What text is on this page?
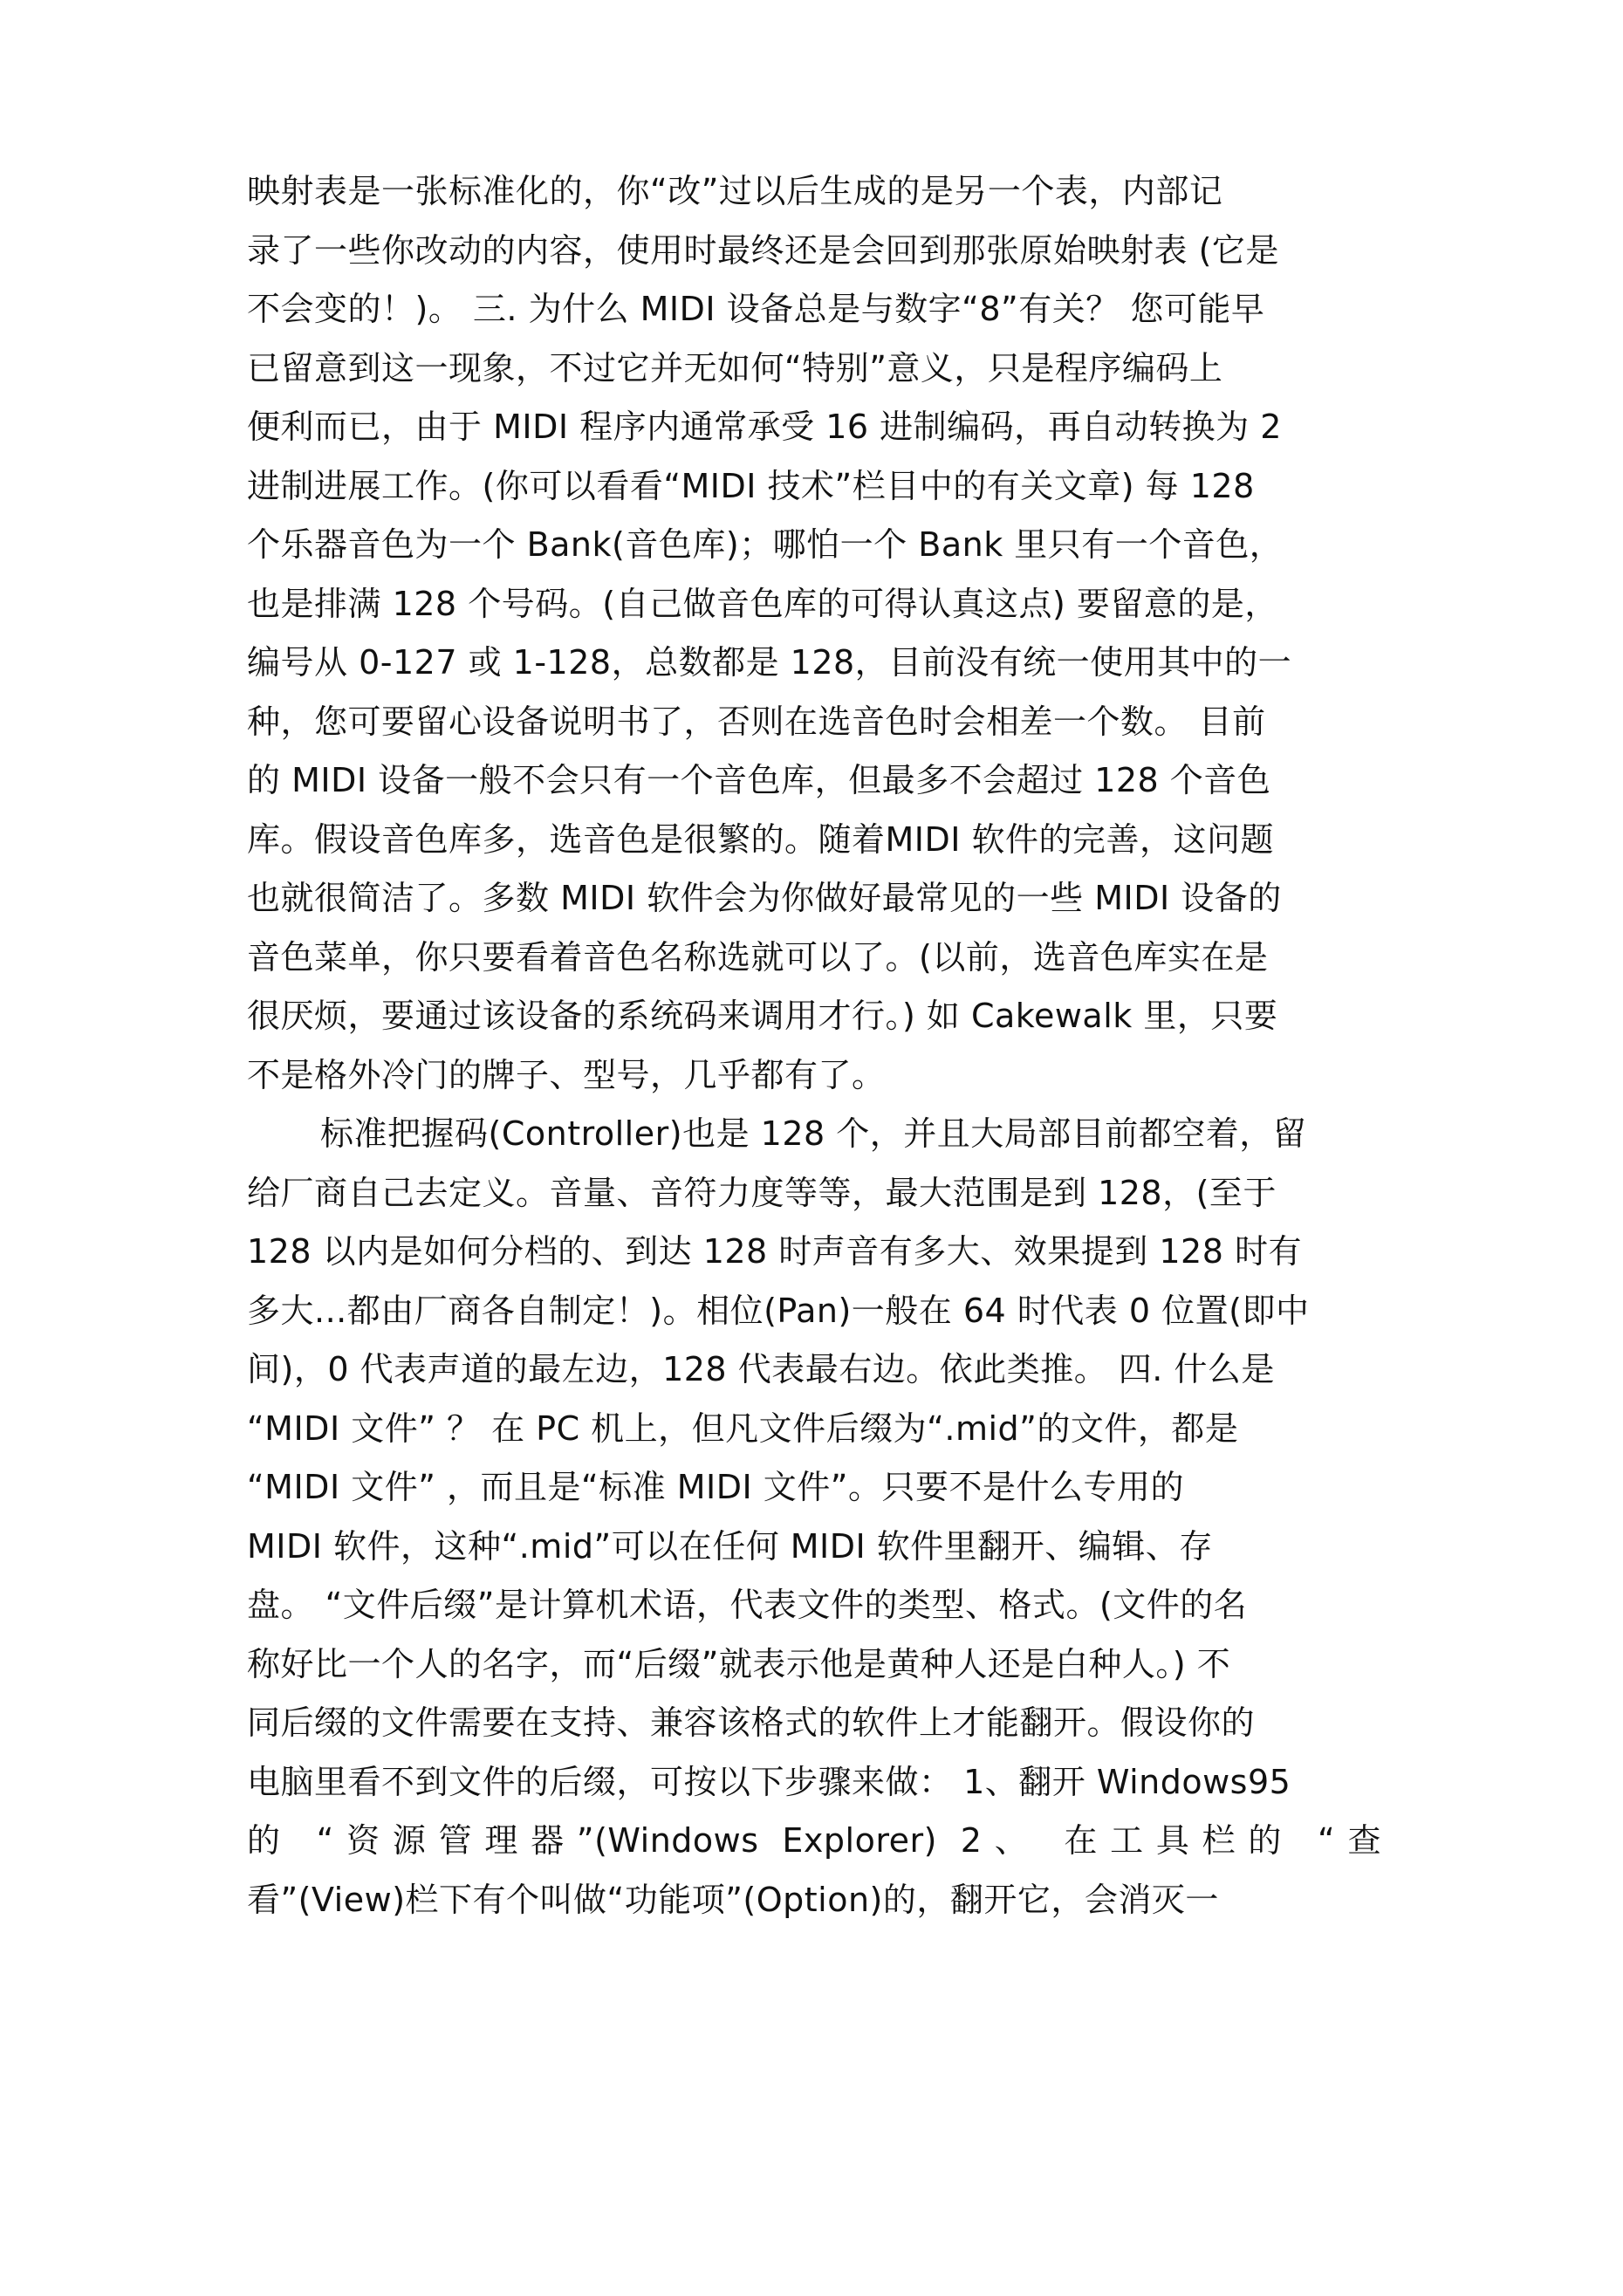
映射表是一张标准化的，你“改”过以后生成的是另一个表，内部记
录了一些你改动的内容，使用时最终还是会回到那张原始映射表 (它是
不会变的！)。 三. 为什么 MIDI 设备总是与数字“8”有关？ 您可能早
已留意到这一现象，不过它并无如何“特别”意义，只是程序编码上
便利而已，由于 MIDI 程序内通常承受 16 进制编码，再自动转换为 2
进制进展工作。(你可以看看“MIDI 技术”栏目中的有关文章) 每 128
个乐器音色为一个 Bank(音色库)；哪怕一个 Bank 里只有一个音色，
也是排满 128 个号码。(自己做音色库的可得认真这点) 要留意的是，
编号从 0-127 或 1-128，总数都是 128，目前没有统一使用其中的一
种，您可要留心设备说明书了，否则在选音色时会相差一个数。 目前
的 MIDI 设备一般不会只有一个音色库，但最多不会超过 128 个音色
库。假设音色库多，选音色是很繁的。随着MIDI 软件的完善，这问题
也就很简洁了。多数 MIDI 软件会为你做好最常见的一些 MIDI 设备的
音色菜单，你只要看着音色名称选就可以了。(以前，选音色库实在是
很厌烦，要通过该设备的系统码来调用才行。) 如 Cakewalk 里，只要
不是格外冷门的牌子、型号，几乎都有了。
标准把握码(Controller)也是 128 个，并且大局部目前都空着，留
给厂商自己去定义。音量、音符力度等等，最大范围是到 128，(至于
128 以内是如何分档的、到达 128 时声音有多大、效果提到 128 时有
多大...都由厂商各自制定！)。相位(Pan)一般在 64 时代表 0 位置(即中
间)，0 代表声道的最左边，128 代表最右边。依此类推。 四. 什么是
“MIDI 文件” ？ 在 PC 机上，但凡文件后缀为“.mid”的文件，都是
“MIDI 文件” ，而且是“标准 MIDI 文件”。只要不是什么专用的
MIDI 软件，这种“.mid”可以在任何 MIDI 软件里翻开、编辑、存
盘。 “文件后缀”是计算机术语，代表文件的类型、格式。(文件的名
称好比一个人的名字，而“后缀”就表示他是黄种人还是白种人。) 不
同后缀的文件需要在支持、兼容该格式的软件上才能翻开。假设你的
电脑里看不到文件的后缀，可按以下步骤来做： 1、翻开 Windows95
的 “资源管理器”(Windows Explorer) 2、 在工具栏的 “查
看”(View)栏下有个叫做“功能项”(Option)的，翻开它，会消灭一
